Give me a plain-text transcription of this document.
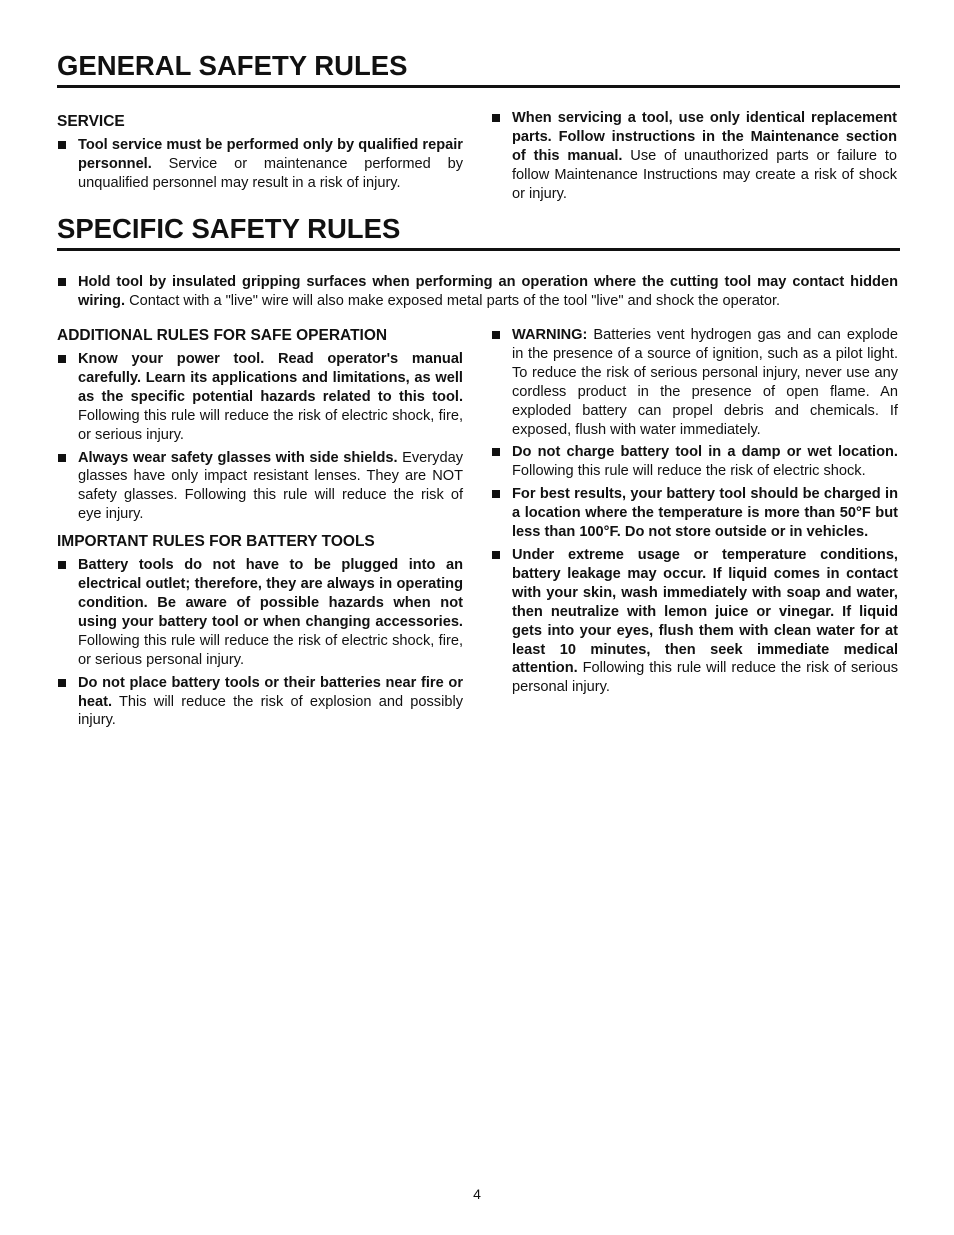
GENERAL SAFETY RULES
SERVICE
Tool service must be performed only by qualified repair personnel. Service or maintenance performed by unqualified personnel may result in a risk of injury.
When servicing a tool, use only identical replacement parts. Follow instructions in the Maintenance section of this manual. Use of unauthorized parts or failure to follow Maintenance Instructions may create a risk of shock or injury.
SPECIFIC SAFETY RULES
Hold tool by insulated gripping surfaces when performing an operation where the cutting tool may contact hidden wiring. Contact with a "live" wire will also make exposed metal parts of the tool "live" and shock the operator.
ADDITIONAL RULES FOR SAFE OPERATION
Know your power tool. Read operator's manual carefully. Learn its applications and limitations, as well as the specific potential hazards related to this tool. Following this rule will reduce the risk of electric shock, fire, or serious injury.
Always wear safety glasses with side shields. Everyday glasses have only impact resistant lenses. They are NOT safety glasses. Following this rule will reduce the risk of eye injury.
IMPORTANT RULES FOR BATTERY TOOLS
Battery tools do not have to be plugged into an electrical outlet; therefore, they are always in operating condition. Be aware of possible hazards when not using your battery tool or when changing accessories. Following this rule will reduce the risk of electric shock, fire, or serious personal injury.
Do not place battery tools or their batteries near fire or heat. This will reduce the risk of explosion and possibly injury.
WARNING: Batteries vent hydrogen gas and can explode in the presence of a source of ignition, such as a pilot light. To reduce the risk of serious personal injury, never use any cordless product in the presence of open flame. An exploded battery can propel debris and chemicals. If exposed, flush with water immediately.
Do not charge battery tool in a damp or wet location. Following this rule will reduce the risk of electric shock.
For best results, your battery tool should be charged in a location where the temperature is more than 50°F but less than 100°F. Do not store outside or in vehicles.
Under extreme usage or temperature conditions, battery leakage may occur. If liquid comes in contact with your skin, wash immediately with soap and water, then neutralize with lemon juice or vinegar. If liquid gets into your eyes, flush them with clean water for at least 10 minutes, then seek immediate medical attention. Following this rule will reduce the risk of serious personal injury.
4
